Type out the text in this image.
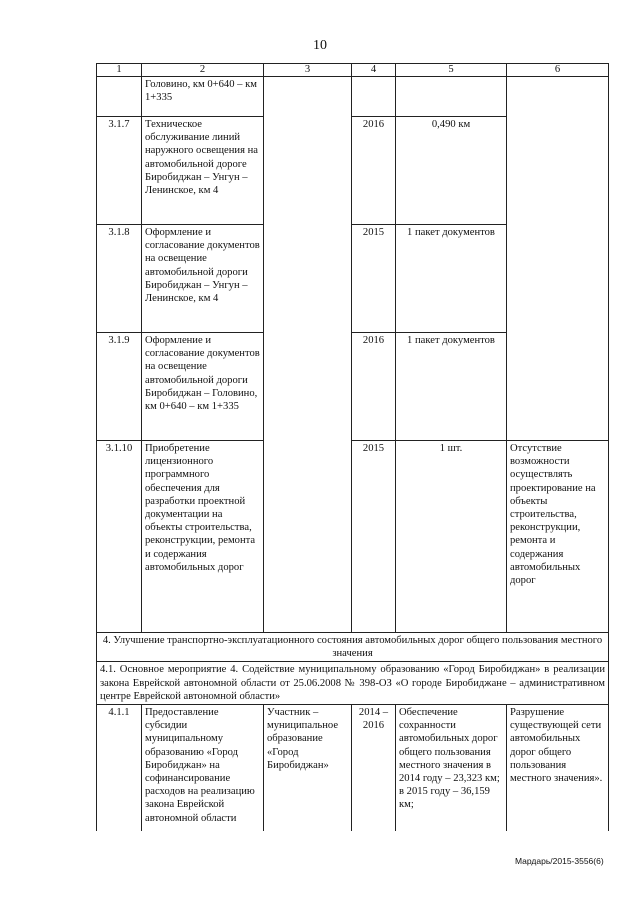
10
1	2	3	4	5	6
	Головино, км 0+640 – км 1+335				
3.1.7	Техническое обслуживание линий наружного освещения на автомобильной дороге Биробиджан – Унгун – Ленинское, км 4		2016	0,490 км	
3.1.8	Оформление и согласование документов на освещение автомобильной дороги Биробиджан – Унгун – Ленинское, км 4		2015	1 пакет документов	
3.1.9	Оформление и согласование документов на освещение автомобильной дороги Биробиджан – Головино, км 0+640 – км 1+335		2016	1 пакет документов	
3.1.10	Приобретение лицензионного программного обеспечения для разработки проектной документации на объекты строительства, реконструкции, ремонта и содержания автомобильных дорог		2015	1 шт.	Отсутствие возможности осуществлять проектирование на объекты строительства, реконструкции, ремонта и содержания автомобильных дорог
4. Улучшение транспортно-эксплуатационного состояния автомобильных дорог общего пользования местного значения					
4.1. Основное мероприятие 4. Содействие муниципальному образованию «Город Биробиджан» в реализации закона Еврейской автономной области от 25.06.2008 № 398-ОЗ «О городе Биробиджане – административном центре Еврейской автономной области»					
4.1.1	Предоставление субсидии муниципальному образованию «Город Биробиджан» на софинансирование расходов на реализацию закона Еврейской автономной области	Участник – муниципальное образование «Город Биробиджан»	2014 – 2016	Обеспечение сохранности автомобильных дорог общего пользования местного значения в 2014 году – 23,323 км; в 2015 году – 36,159 км;	Разрушение существующей сети автомобильных дорог общего пользования местного значения».
Мардарь/2015-3556(6)
